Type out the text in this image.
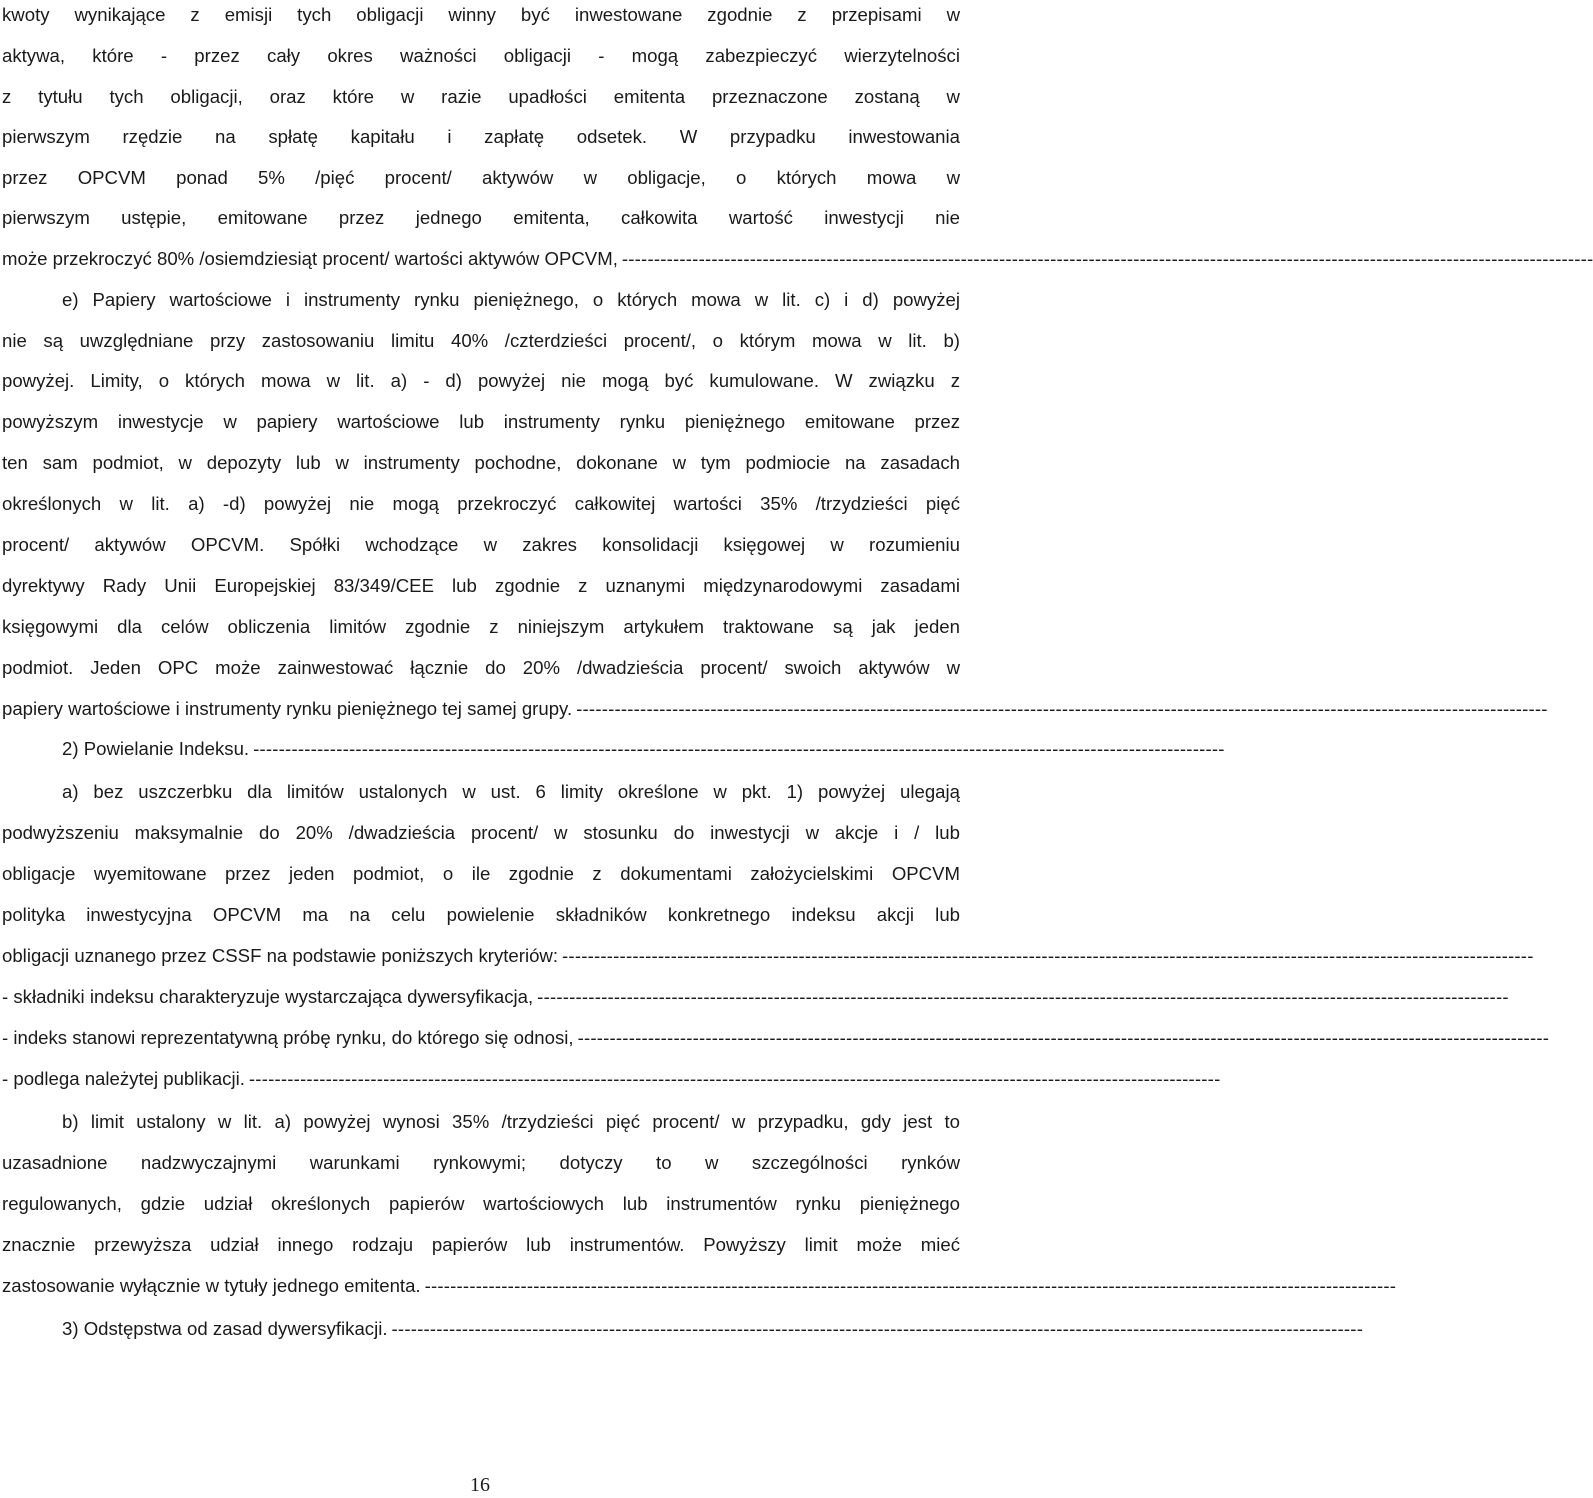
kwoty wynikające z emisji tych obligacji winny być inwestowane zgodnie z przepisami w
aktywa, które - przez cały okres ważności obligacji - mogą zabezpieczyć wierzytelności
z tytułu tych obligacji, oraz które w razie upadłości emitenta przeznaczone zostaną w
pierwszym rzędzie na spłatę kapitału i zapłatę odsetek. W przypadku inwestowania
przez OPCVM ponad 5% /pięć procent/ aktywów w obligacje, o których mowa w
pierwszym ustępie, emitowane przez jednego emitenta, całkowita wartość inwestycji nie
może przekroczyć 80% /osiemdziesiąt procent/ wartości aktywów OPCVM, --------------------------------------------------------------------------------------------------------------------------------------------------------
e) Papiery wartościowe i instrumenty rynku pieniężnego, o których mowa w lit. c) i d) powyżej
nie są uwzględniane przy zastosowaniu limitu 40% /czterdzieści procent/, o którym mowa w lit. b)
powyżej. Limity, o których mowa w lit. a) - d) powyżej nie mogą być kumulowane. W związku z
powyższym inwestycje w papiery wartościowe lub instrumenty rynku pieniężnego emitowane przez
ten sam podmiot, w depozyty lub w instrumenty pochodne, dokonane w tym podmiocie na zasadach
określonych w lit. a) -d) powyżej nie mogą przekroczyć całkowitej wartości 35% /trzydzieści pięć
procent/ aktywów OPCVM. Spółki wchodzące w zakres konsolidacji księgowej w rozumieniu
dyrektywy Rady Unii Europejskiej 83/349/CEE lub zgodnie z uznanymi międzynarodowymi zasadami
księgowymi dla celów obliczenia limitów zgodnie z niniejszym artykułem traktowane są jak jeden
podmiot. Jeden OPC może zainwestować łącznie do 20% /dwadzieścia procent/ swoich aktywów w
papiery wartościowe i instrumenty rynku pieniężnego tej samej grupy. --------------------------------------------------------------------------------------------------------------------------------------------------------
2) Powielanie Indeksu. --------------------------------------------------------------------------------------------------------------------------------------------------------
a) bez uszczerbku dla limitów ustalonych w ust. 6 limity określone w pkt. 1) powyżej ulegają
podwyższeniu maksymalnie do 20% /dwadzieścia procent/ w stosunku do inwestycji w akcje i / lub
obligacje wyemitowane przez jeden podmiot, o ile zgodnie z dokumentami założycielskimi OPCVM
polityka inwestycyjna OPCVM ma na celu powielenie składników konkretnego indeksu akcji lub
obligacji uznanego przez CSSF na podstawie poniższych kryteriów: --------------------------------------------------------------------------------------------------------------------------------------------------------
- składniki indeksu charakteryzuje wystarczająca dywersyfikacja, --------------------------------------------------------------------------------------------------------------------------------------------------------
- indeks stanowi reprezentatywną próbę rynku, do którego się odnosi, --------------------------------------------------------------------------------------------------------------------------------------------------------
- podlega należytej publikacji. --------------------------------------------------------------------------------------------------------------------------------------------------------
b) limit ustalony w lit. a) powyżej wynosi 35% /trzydzieści pięć procent/ w przypadku, gdy jest to
uzasadnione nadzwyczajnymi warunkami rynkowymi; dotyczy to w szczególności rynków
regulowanych, gdzie udział określonych papierów wartościowych lub instrumentów rynku pieniężnego
znacznie przewyższa udział innego rodzaju papierów lub instrumentów. Powyższy limit może mieć
zastosowanie wyłącznie w tytuły jednego emitenta. --------------------------------------------------------------------------------------------------------------------------------------------------------
3) Odstępstwa od zasad dywersyfikacji. --------------------------------------------------------------------------------------------------------------------------------------------------------
16
